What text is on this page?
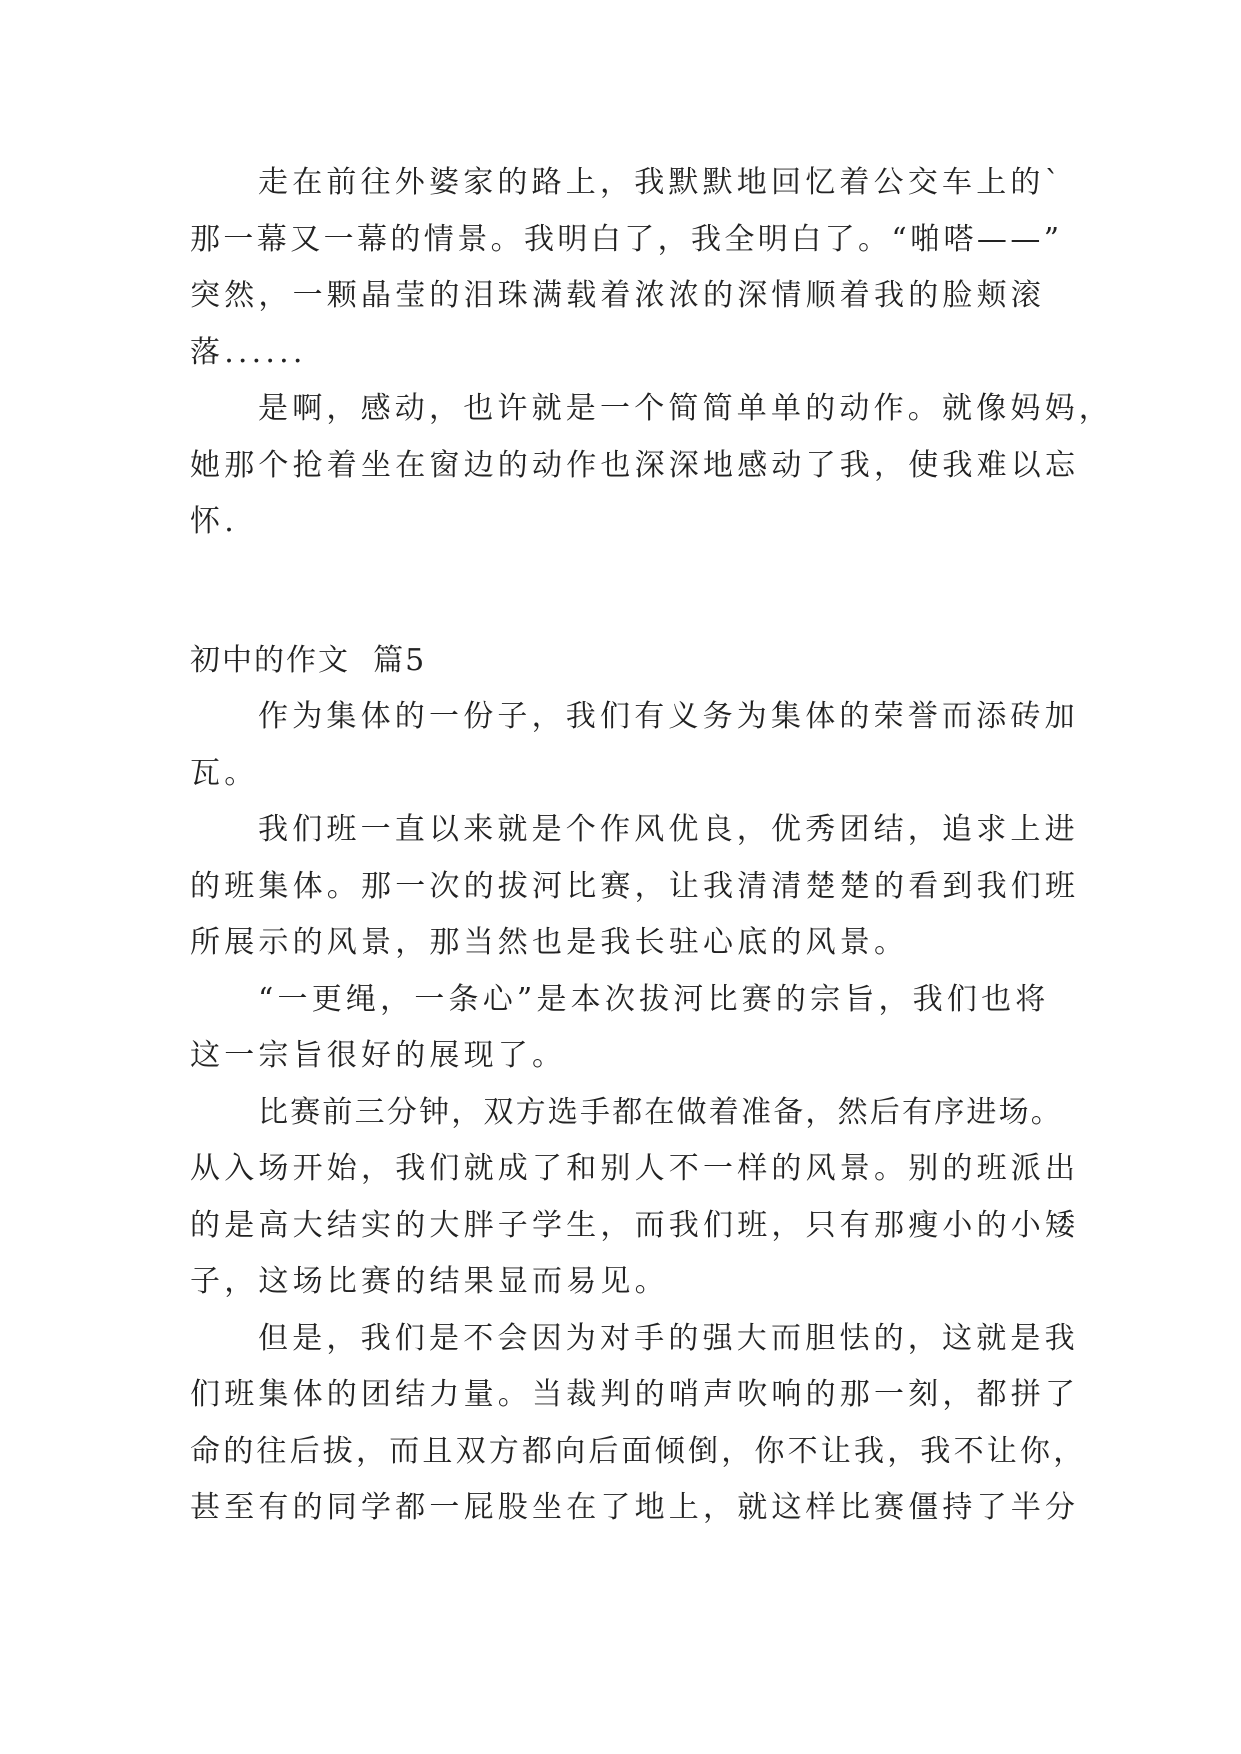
走在前往外婆家的路上，我默默地回忆着公交车上的`
那一幕又一幕的情景。我明白了，我全明白了。“啪嗒——”
突然，一颗晶莹的泪珠满载着浓浓的深情顺着我的脸颊滚
落......

是啊，感动，也许就是一个简简单单的动作。就像妈妈，
她那个抢着坐在窗边的动作也深深地感动了我，使我难以忘
怀.

初中的作文  篇5

作为集体的一份子，我们有义务为集体的荣誉而添砖加
瓦。

我们班一直以来就是个作风优良，优秀团结，追求上进
的班集体。那一次的拔河比赛，让我清清楚楚的看到我们班
所展示的风景，那当然也是我长驻心底的风景。

“一更绳，一条心”是本次拔河比赛的宗旨，我们也将
这一宗旨很好的展现了。

比赛前三分钟，双方选手都在做着准备，然后有序进场。
从入场开始，我们就成了和别人不一样的风景。别的班派出
的是高大结实的大胖子学生，而我们班，只有那瘦小的小矮
子，这场比赛的结果显而易见。

但是，我们是不会因为对手的强大而胆怯的，这就是我
们班集体的团结力量。当裁判的哨声吹响的那一刻，都拼了
命的往后拔，而且双方都向后面倾倒，你不让我，我不让你，
甚至有的同学都一屁股坐在了地上，就这样比赛僵持了半分
